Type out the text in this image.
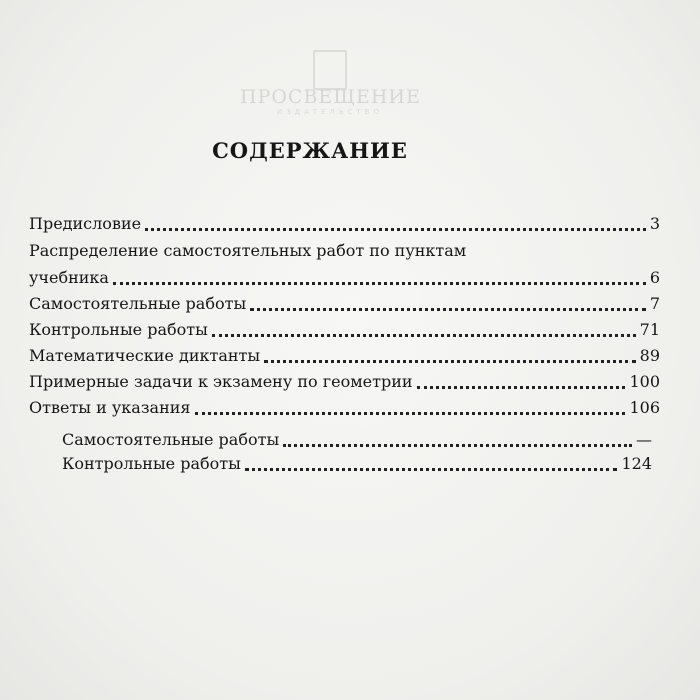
ПРОСВЕЩЕНИЕ
ИЗДАТЕЛЬСТВО
СОДЕРЖАНИЕ
Предисловие	3
Распределение самостоятельных работ по пунктам
учебника	6
Самостоятельные работы	7
Контрольные работы	71
Математические диктанты	89
Примерные задачи к экзамену по геометрии	100
Ответы и указания	106
Самостоятельные работы	—
Контрольные работы	124
